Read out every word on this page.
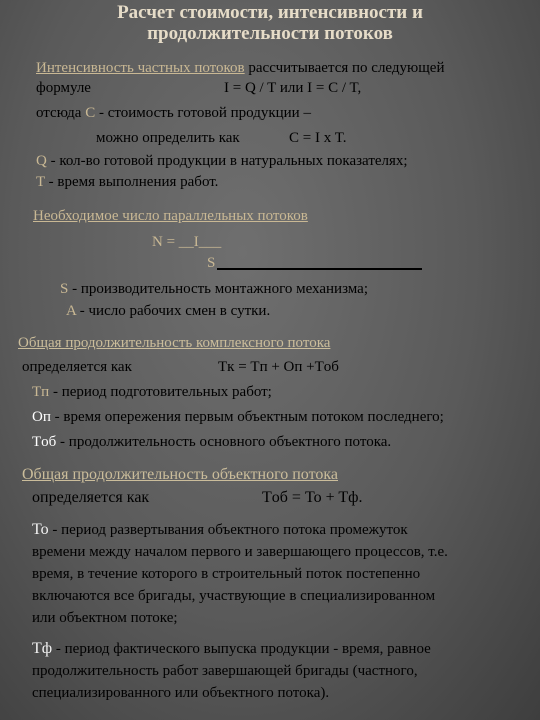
Расчет стоимости, интенсивности и
продолжительности потоков
Интенсивность частных потоков рассчитывается по следующей
формуле	I = Q / T или I = C / T,
отсюда C - стоимость готовой продукции –
можно определить как	C = I x T.
Q - кол-во готовой продукции в натуральных показателях;
T - время выполнения работ.
Необходимое число параллельных потоков
N = __I___
S
S - производительность монтажного механизма;
A - число рабочих смен в сутки.
Общая продолжительность комплексного потока
определяется как	Tк = Tп + Oп +Tоб
Tп - период подготовительных работ;
Oп - время опережения первым объектным потоком последнего;
Tоб - продолжительность основного объектного потока.
Общая продолжительность объектного потока
определяется как	Tоб = To + Tф.
To - период развертывания объектного потока промежуток
времени между началом первого и завершающего процессов, т.е.
время, в течение которого в строительный поток постепенно
включаются все бригады, участвующие в специализированном
или объектном потоке;
Tф - период фактического выпуска продукции - время, равное
продолжительность работ завершающей бригады (частного,
специализированного или объектного потока).
